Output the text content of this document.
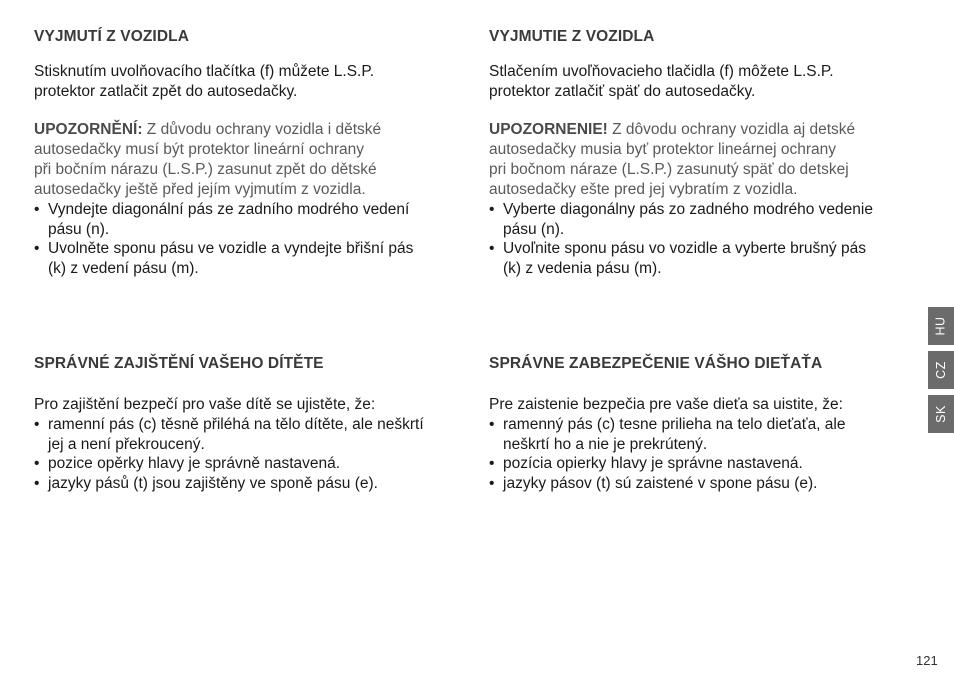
VYJMUTÍ Z VOZIDLA

Stisknutím uvolňovacího tlačítka (f) můžete L.S.P.
protektor zatlačit zpět do autosedačky.

UPOZORNĚNÍ: Z důvodu ochrany vozidla i dětské
autosedačky musí být protektor lineární ochrany
při bočním nárazu (L.S.P.) zasunut zpět do dětské
autosedačky ještě před jejím vyjmutím z vozidla.

• Vyndejte diagonální pás ze zadního modrého vedení
pásu (n).
• Uvolněte sponu pásu ve vozidle a vyndejte břišní pás
(k) z vedení pásu (m).
VYJMUTIE Z VOZIDLA

Stlačením uvoľňovacieho tlačidla (f) môžete L.S.P.
protektor zatlačiť späť do autosedačky.

UPOZORNENIE! Z dôvodu ochrany vozidla aj detské
autosedačky musia byť protektor lineárnej ochrany
pri bočnom náraze (L.S.P.) zasunutý späť do detskej
autosedačky ešte pred jej vybratím z vozidla.

• Vyberte diagonálny pás zo zadného modrého vedenie
pásu (n).
• Uvoľnite sponu pásu vo vozidle a vyberte brušný pás
(k) z vedenia pásu (m).
SPRÁVNÉ ZAJIŠTĚNÍ VAŠEHO DÍTĚTE

Pro zajištění bezpečí pro vaše dítě se ujistěte, že:

• ramenní pás (c) těsně přiléhá na tělo dítěte, ale neškrtí
jej a není překroucený.
• pozice opěrky hlavy je správně nastavená.
• jazyky pásů (t) jsou zajištěny ve sponě pásu (e).
SPRÁVNE ZABEZPEČENIE VÁŠHO DIEŤAŤA

Pre zaistenie bezpečia pre vaše dieťa sa uistite, že:

• ramenný pás (c) tesne prilieha na telo dieťaťa, ale
neškrtí ho a nie je prekrútený.
• pozícia opierky hlavy je správne nastavená.
• jazyky pásov (t) sú zaistené v spone pásu (e).
HU
CZ
SK
121
